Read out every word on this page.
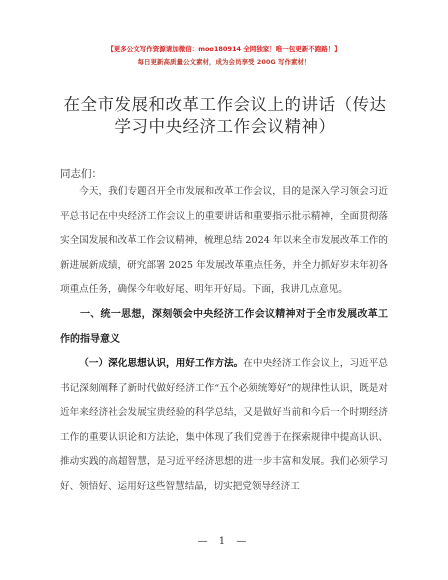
【更多公文写作资源请加微信：moo180914 全网独家！唯一包更新不跑路！】
每日更新高质量公文素材，成为会员享受 200G 写作素材！
在全市发展和改革工作会议上的讲话（传达学习中央经济工作会议精神）
同志们：
今天，我们专题召开全市发展和改革工作会议，目的是深入学习领会习近平总书记在中央经济工作会议上的重要讲话和重要指示批示精神，全面贯彻落实全国发展和改革工作会议精神，梳理总结 2024 年以来全市发展改革工作的新进展新成绩，研究部署 2025 年发展改革重点任务，并全力抓好岁末年初各项重点任务，确保今年收好尾、明年开好局。下面，我讲几点意见。
一、统一思想，深刻领会中央经济工作会议精神对于全市发展改革工作的指导意义
（一）深化思想认识，用好工作方法。在中央经济工作会议上，习近平总书记深刻阐释了新时代做好经济工作“五个必须统筹好”的规律性认识，既是对近年来经济社会发展宝贵经验的科学总结，又是做好当前和今后一个时期经济工作的重要认识论和方法论，集中体现了我们党善于在探索规律中提高认识、推动实践的高超智慧，是习近平经济思想的进一步丰富和发展。我们必须学习好、领悟好、运用好这些智慧结晶，切实把党领导经济工
— 1 —
